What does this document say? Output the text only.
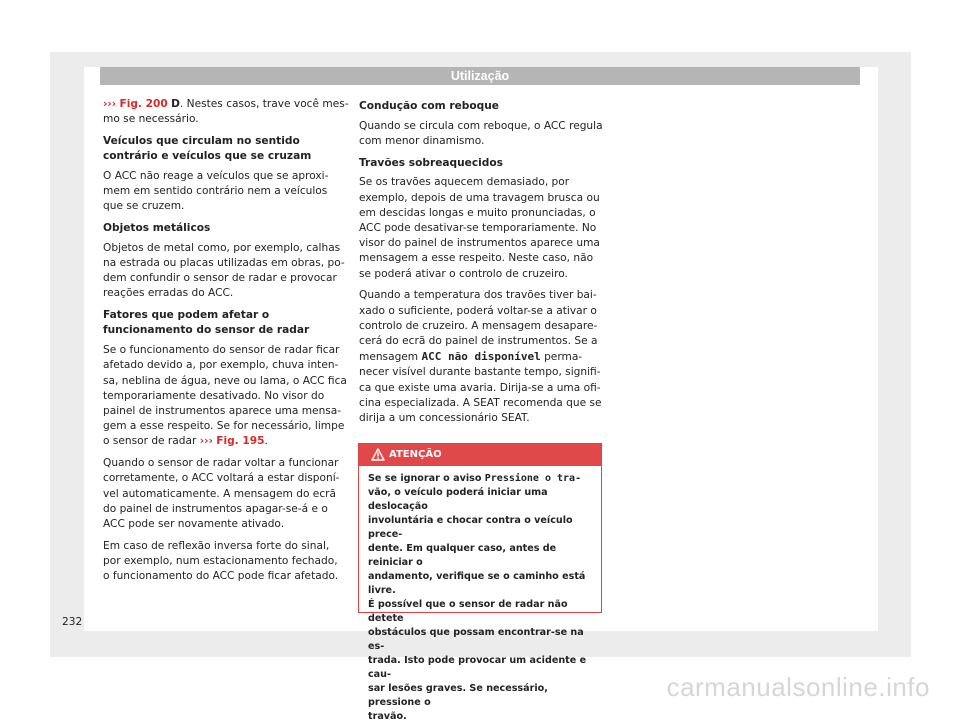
Utilização

››› Fig. 200 D. Nestes casos, trave você mes-
mo se necessário.

Veículos que circulam no sentido contrário e veículos que se cruzam

O ACC não reage a veículos que se aproxi-
mem em sentido contrário nem a veículos
que se cruzem.

Objetos metálicos

Objetos de metal como, por exemplo, calhas
na estrada ou placas utilizadas em obras, po-
dem confundir o sensor de radar e provocar
reações erradas do ACC.

Fatores que podem afetar o funcionamento do sensor de radar

Se o funcionamento do sensor de radar ficar
afetado devido a, por exemplo, chuva inten-
sa, neblina de água, neve ou lama, o ACC fica
temporariamente desativado. No visor do
painel de instrumentos aparece uma mensa-
gem a esse respeito. Se for necessário, limpe
o sensor de radar ››› Fig. 195.

Quando o sensor de radar voltar a funcionar
corretamente, o ACC voltará a estar disponí-
vel automaticamente. A mensagem do ecrã
do painel de instrumentos apagar-se-á e o
ACC pode ser novamente ativado.

Em caso de reflexão inversa forte do sinal,
por exemplo, num estacionamento fechado,
o funcionamento do ACC pode ficar afetado.

Condução com reboque

Quando se circula com reboque, o ACC regula
com menor dinamismo.

Travões sobreaquecidos

Se os travões aquecem demasiado, por
exemplo, depois de uma travagem brusca ou
em descidas longas e muito pronunciadas, o
ACC pode desativar-se temporariamente. No
visor do painel de instrumentos aparece uma
mensagem a esse respeito. Neste caso, não
se poderá ativar o controlo de cruzeiro.

Quando a temperatura dos travões tiver bai-
xado o suficiente, poderá voltar-se a ativar o
controlo de cruzeiro. A mensagem desapare-
cerá do ecrã do painel de instrumentos. Se a
mensagem ACC não disponível perma-
necer visível durante bastante tempo, signifi-
ca que existe uma avaria. Dirija-se a uma ofi-
cina especializada. A SEAT recomenda que se
dirija a um concessionário SEAT.

ATENÇÃO
Se se ignorar o aviso Pressione o tra-
vão, o veículo poderá iniciar uma deslocação
involuntária e chocar contra o veículo prece-
dente. Em qualquer caso, antes de reiniciar o
andamento, verifique se o caminho está livre.
É possível que o sensor de radar não detete
obstáculos que possam encontrar-se na es-
trada. Isto pode provocar um acidente e cau-
sar lesões graves. Se necessário, pressione o
travão.
232
carmanualsonline.info
